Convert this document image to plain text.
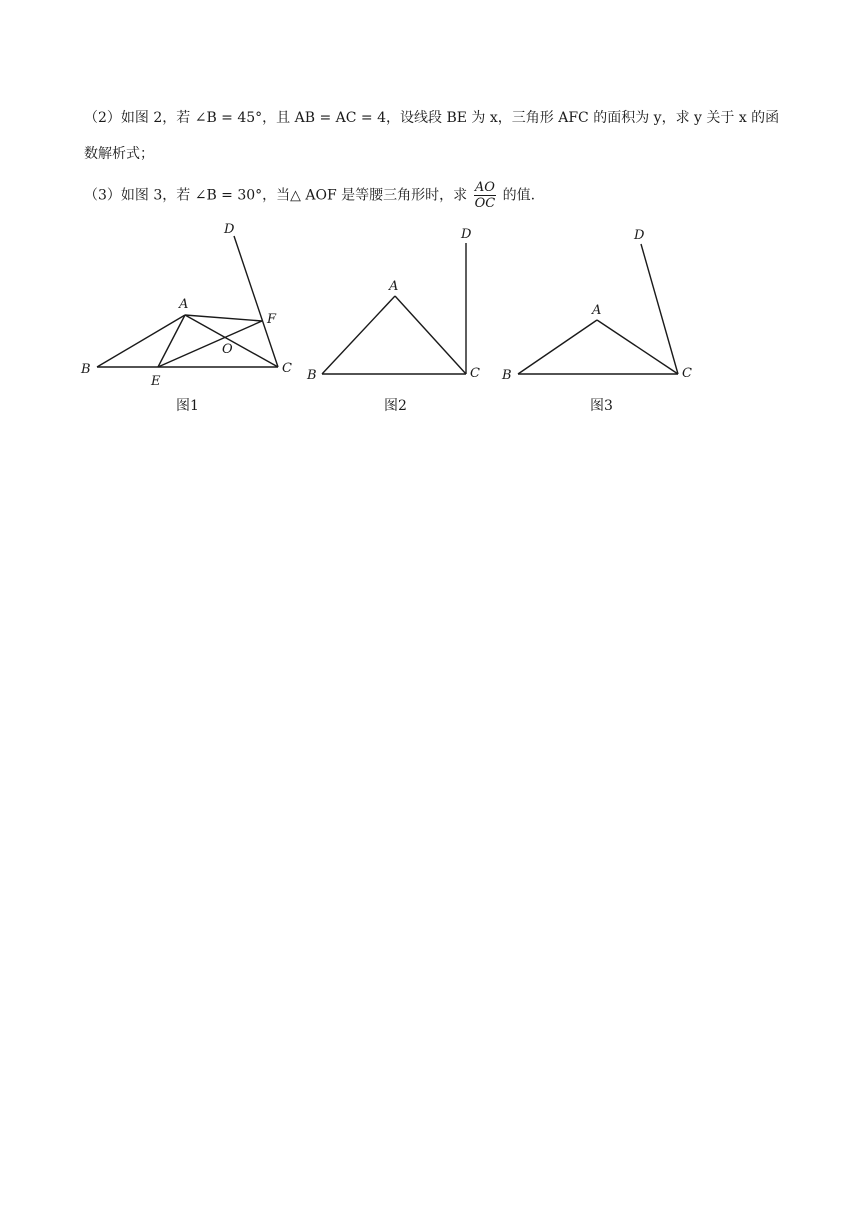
（2）如图 2，若 ∠B = 45°，且 AB = AC = 4，设线段 BE 为 x，三角形 AFC 的面积为 y，求 y 关于 x 的函
数解析式；
（3）如图 3，若 ∠B = 30°，当△ AOF 是等腰三角形时，求 $\frac{AO}{OC}$ 的值.
A
B	C
D
E
F
O
图1
A
B	C
D
图2
A
B	C
D
图3
